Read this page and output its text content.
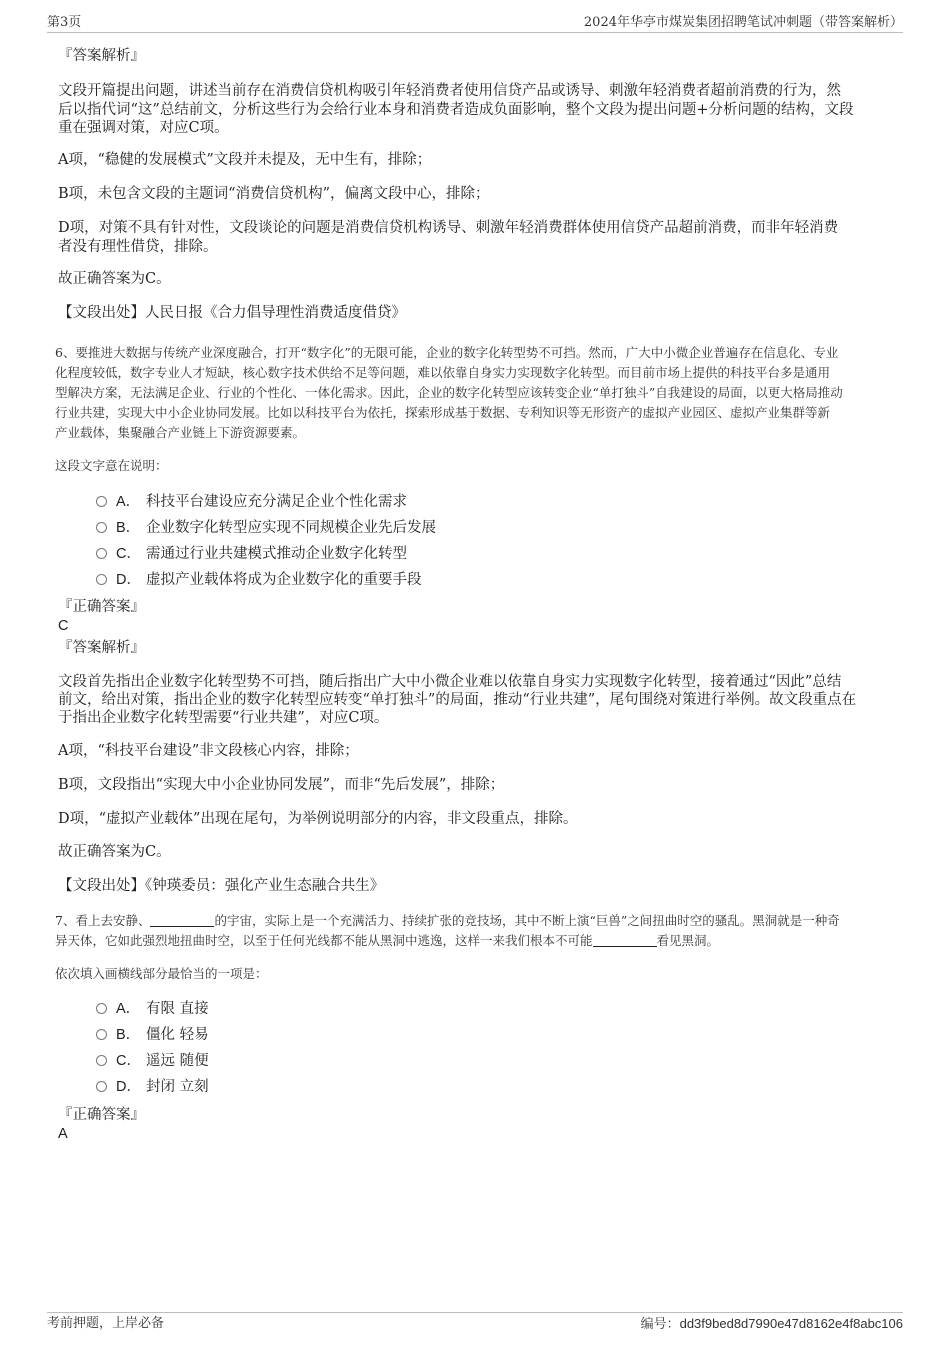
第3页	2024年华亭市煤炭集团招聘笔试冲刺题（带答案解析）
『答案解析』
文段开篇提出问题，讲述当前存在消费信贷机构吸引年轻消费者使用信贷产品或诱导、刺激年轻消费者超前消费的行为，然
后以指代词“这”总结前文，分析这些行为会给行业本身和消费者造成负面影响，整个文段为提出问题+分析问题的结构，文段
重在强调对策，对应C项。
A项，“稳健的发展模式”文段并未提及，无中生有，排除；
B项，未包含文段的主题词“消费信贷机构”，偏离文段中心，排除；
D项，对策不具有针对性，文段谈论的问题是消费信贷机构诱导、刺激年轻消费群体使用信贷产品超前消费，而非年轻消费
者没有理性借贷，排除。
故正确答案为C。
【文段出处】人民日报《合力倡导理性消费适度借贷》
6、要推进大数据与传统产业深度融合，打开“数字化”的无限可能，企业的数字化转型势不可挡。然而，广大中小微企业普遍存在信息化、专业
化程度较低，数字专业人才短缺，核心数字技术供给不足等问题，难以依靠自身实力实现数字化转型。而目前市场上提供的科技平台多是通用
型解决方案，无法满足企业、行业的个性化、一体化需求。因此，企业的数字化转型应该转变企业“单打独斗”自我建设的局面，以更大格局推动
行业共建，实现大中小企业协同发展。比如以科技平台为依托，探索形成基于数据、专利知识等无形资产的虚拟产业园区、虚拟产业集群等新
产业载体，集聚融合产业链上下游资源要素。
这段文字意在说明：
A． 科技平台建设应充分满足企业个性化需求
B． 企业数字化转型应实现不同规模企业先后发展
C． 需通过行业共建模式推动企业数字化转型
D． 虚拟产业载体将成为企业数字化的重要手段
『正确答案』
C
『答案解析』
文段首先指出企业数字化转型势不可挡，随后指出广大中小微企业难以依靠自身实力实现数字化转型，接着通过“因此”总结
前文，给出对策，指出企业的数字化转型应转变“单打独斗”的局面，推动“行业共建”，尾句围绕对策进行举例。故文段重点在
于指出企业数字化转型需要“行业共建”，对应C项。
A项，“科技平台建设”非文段核心内容，排除；
B项，文段指出“实现大中小企业协同发展”，而非“先后发展”，排除；
D项，“虚拟产业载体”出现在尾句，为举例说明部分的内容，非文段重点，排除。
故正确答案为C。
【文段出处】《钟瑛委员：强化产业生态融合共生》
7、看上去安静、	的宇宙，实际上是一个充满活力、持续扩张的竞技场，其中不断上演“巨兽”之间扭曲时空的骚乱。黑洞就是一种奇
异天体，它如此强烈地扭曲时空，以至于任何光线都不能从黑洞中逃逸，这样一来我们根本不可能	看见黑洞。
依次填入画横线部分最恰当的一项是：
A． 有限 直接
B． 僵化 轻易
C． 遥远 随便
D． 封闭 立刻
『正确答案』
A
考前押题，上岸必备	编号：dd3f9bed8d7990e47d8162e4f8abc106
